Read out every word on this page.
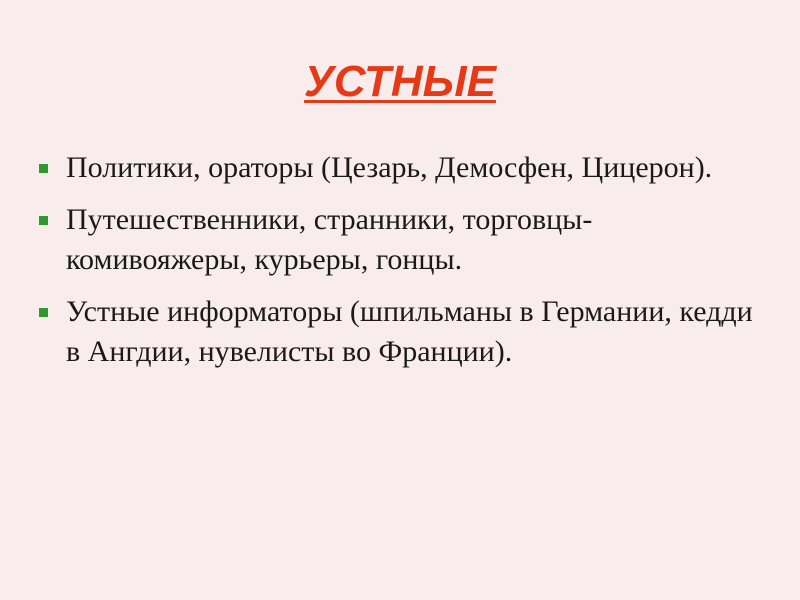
УСТНЫЕ
Политики, ораторы (Цезарь, Демосфен, Цицерон).
Путешественники, странники, торговцы-комивояжеры, курьеры, гонцы.
Устные информаторы (шпильманы в Германии, кедди в Ангдии, нувелисты во Франции).
